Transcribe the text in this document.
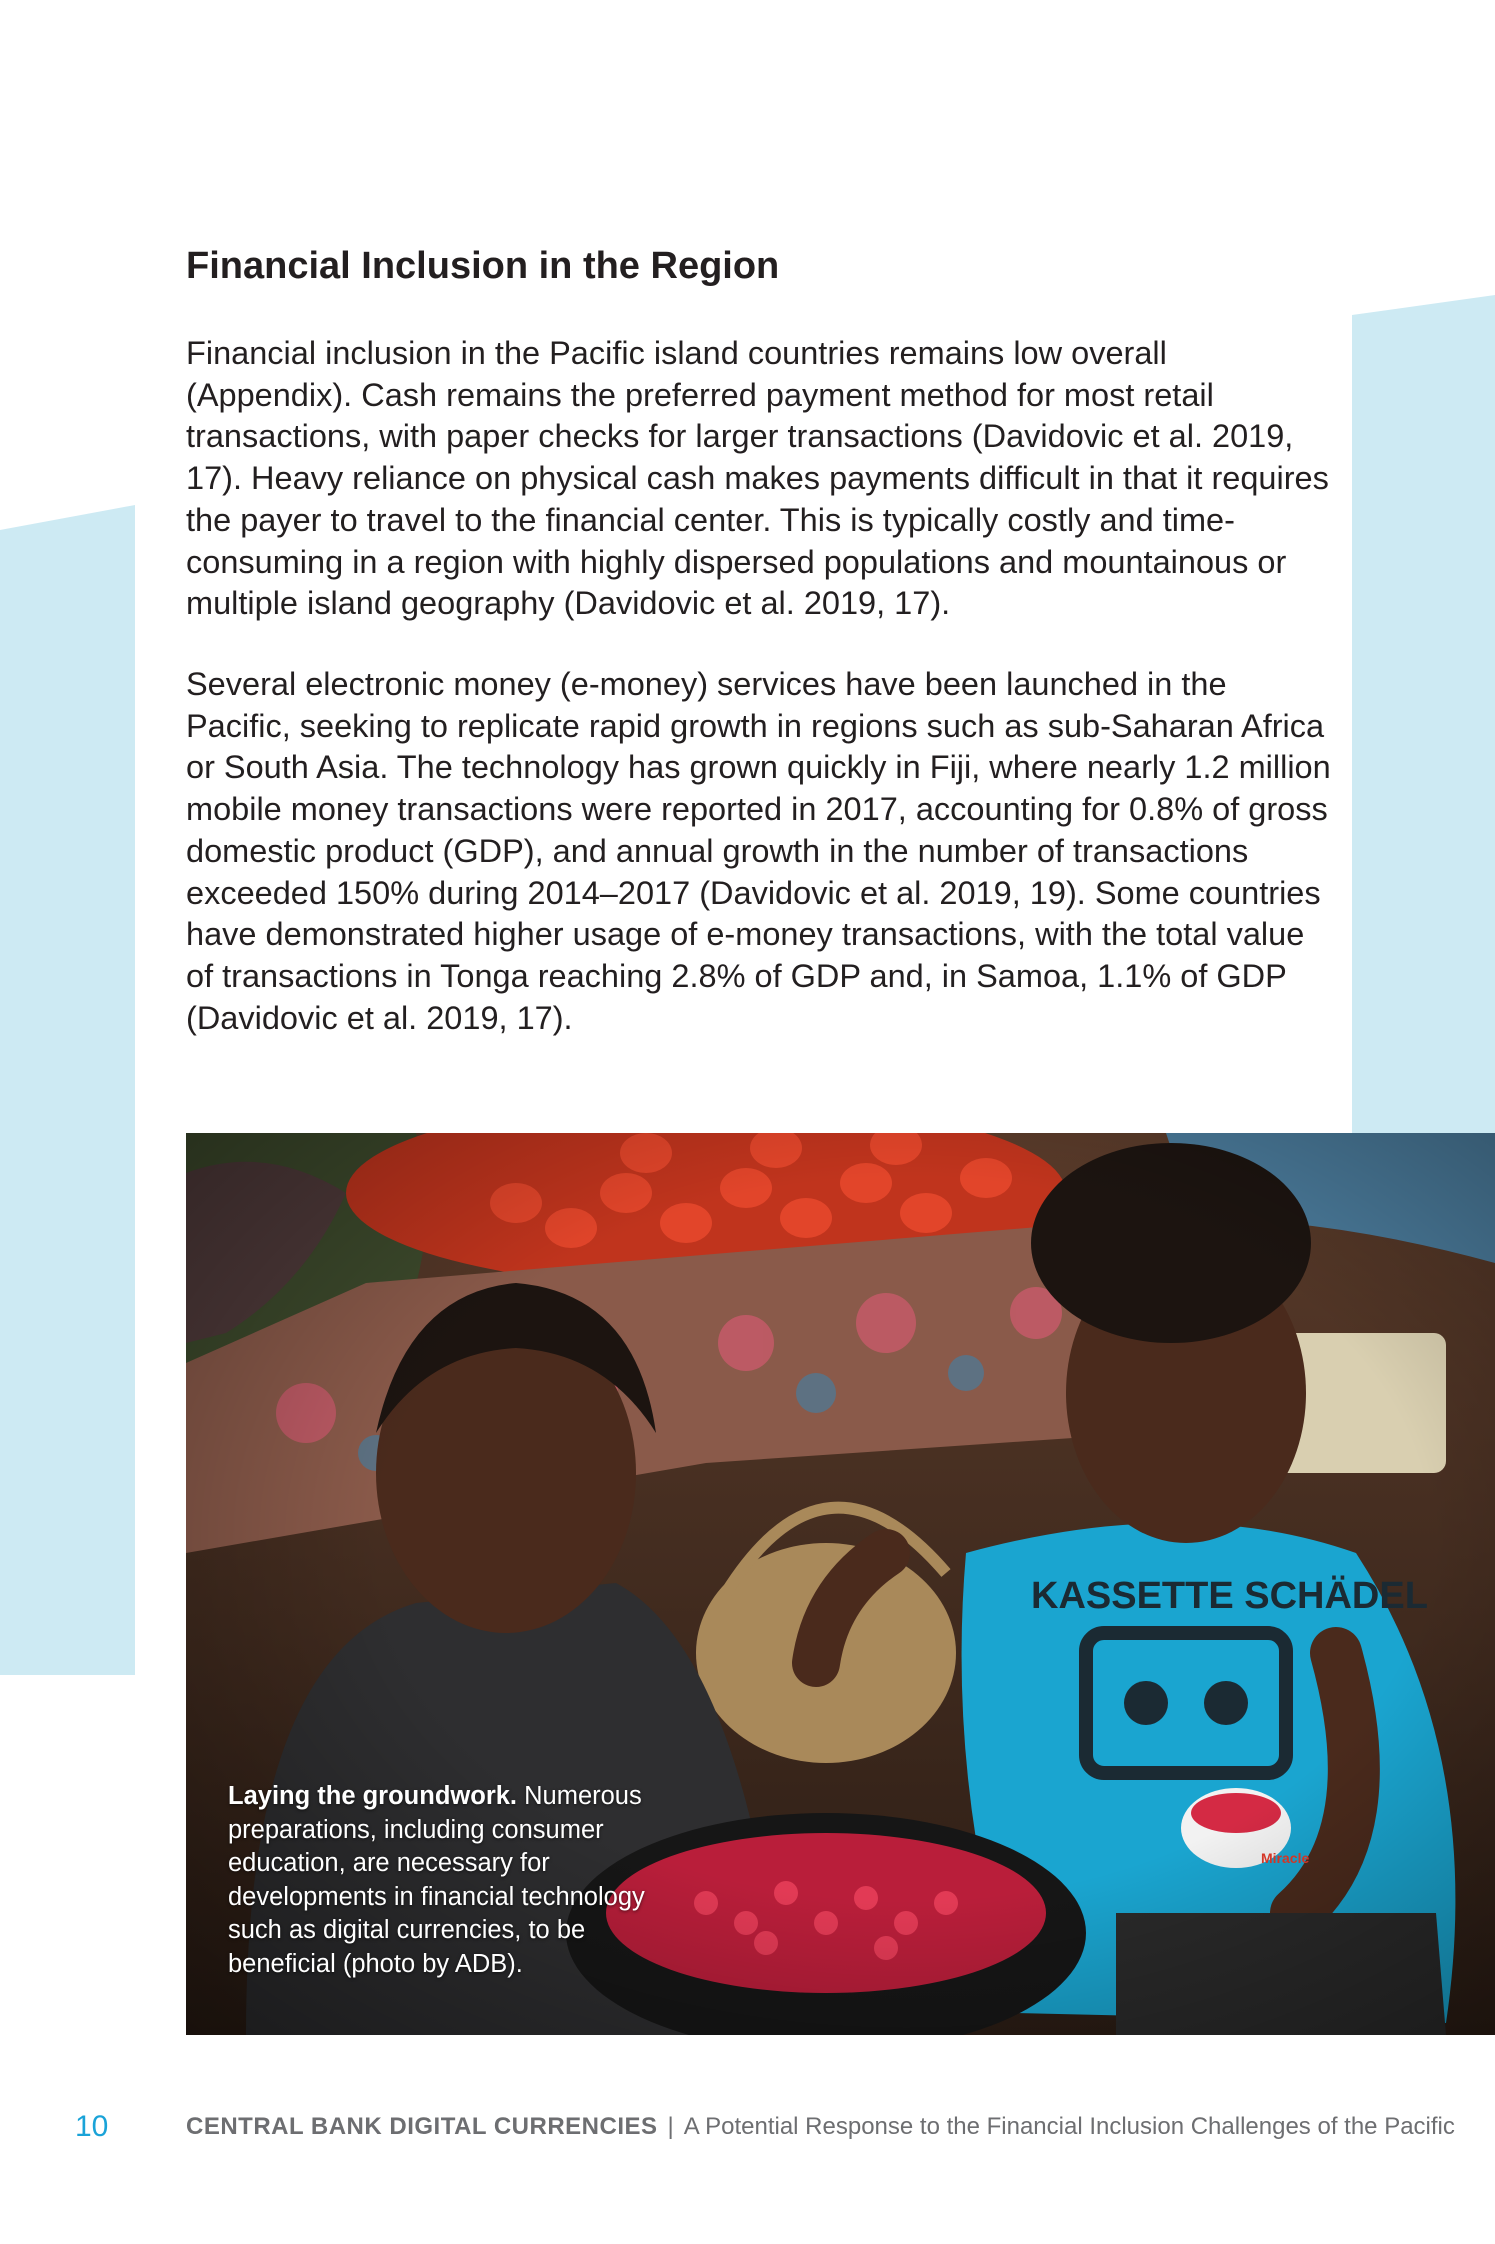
Financial Inclusion in the Region

Financial inclusion in the Pacific island countries remains low overall (Appendix). Cash remains the preferred payment method for most retail transactions, with paper checks for larger transactions (Davidovic et al. 2019, 17). Heavy reliance on physical cash makes payments difficult in that it requires the payer to travel to the financial center. This is typically costly and time-consuming in a region with highly dispersed populations and mountainous or multiple island geography (Davidovic et al. 2019, 17).

Several electronic money (e-money) services have been launched in the Pacific, seeking to replicate rapid growth in regions such as sub-Saharan Africa or South Asia. The technology has grown quickly in Fiji, where nearly 1.2 million mobile money transactions were reported in 2017, accounting for 0.8% of gross domestic product (GDP), and annual growth in the number of transactions exceeded 150% during 2014–2017 (Davidovic et al. 2019, 19). Some countries have demonstrated higher usage of e-money transactions, with the total value of transactions in Tonga reaching 2.8% of GDP and, in Samoa, 1.1% of GDP (Davidovic et al. 2019, 17).

Laying the groundwork. Numerous preparations, including consumer education, are necessary for developments in financial technology such as digital currencies, to be beneficial (photo by ADB).
10	CENTRAL BANK DIGITAL CURRENCIES | A Potential Response to the Financial Inclusion Challenges of the Pacific
